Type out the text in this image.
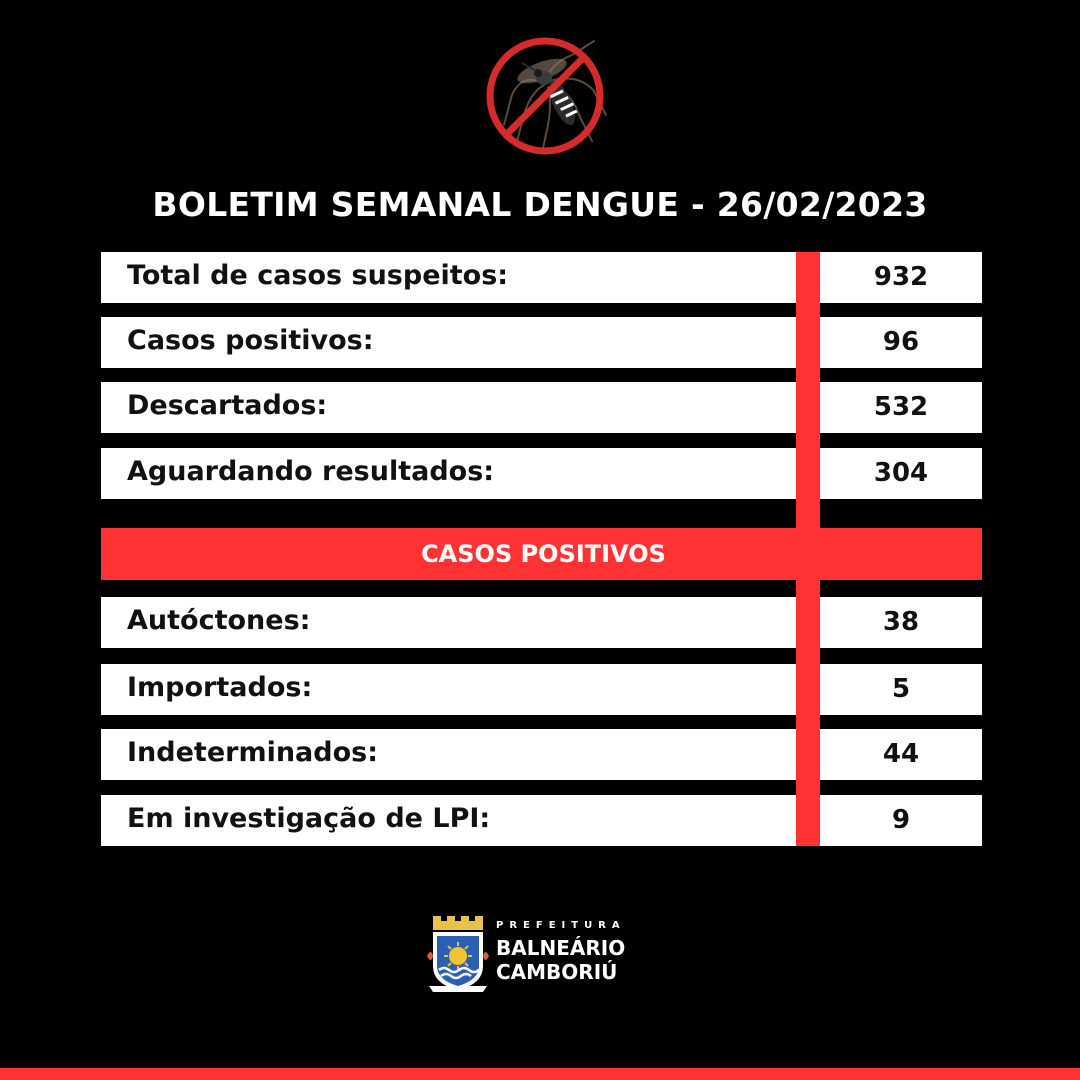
BOLETIM SEMANAL DENGUE - 26/02/2023
Total de casos suspeitos:	932
Casos positivos:	96
Descartados:	532
Aguardando resultados:	304
CASOS POSITIVOS
Autóctones:	38
Importados:	5
Indeterminados:	44
Em investigação de LPI:	9
PREFEITURA
BALNEÁRIO
CAMBORIÚ
